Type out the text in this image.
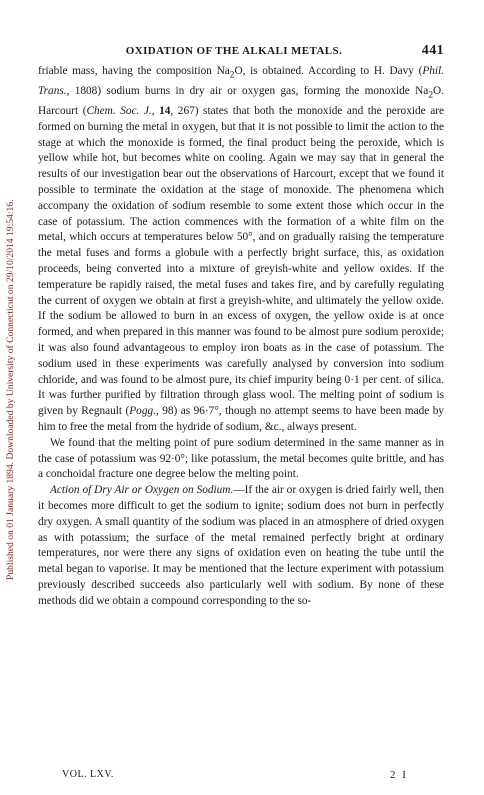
Published on 01 January 1894. Downloaded by University of Connecticut on 29/10/2014 19:54:16.
OXIDATION OF THE ALKALI METALS.	441

friable mass, having the composition $Na_2O$, is obtained. According to H. Davy (Phil. Trans., 1808) sodium burns in dry air or oxygen gas, forming the monoxide $Na_2O$. Harcourt (Chem. Soc. J., 14, 267) states that both the monoxide and the peroxide are formed on burning the metal in oxygen, but that it is not possible to limit the action to the stage at which the monoxide is formed, the final product being the peroxide, which is yellow while hot, but becomes white on cooling. Again we may say that in general the results of our investigation bear out the observations of Harcourt, except that we found it possible to terminate the oxidation at the stage of monoxide. The phenomena which accompany the oxidation of sodium resemble to some extent those which occur in the case of potassium. The action commences with the formation of a white film on the metal, which occurs at temperatures below 50°, and on gradually raising the temperature the metal fuses and forms a globule with a perfectly bright surface, this, as oxidation proceeds, being converted into a mixture of greyish-white and yellow oxides. If the temperature be rapidly raised, the metal fuses and takes fire, and by carefully regulating the current of oxygen we obtain at first a greyish-white, and ultimately the yellow oxide. If the sodium be allowed to burn in an excess of oxygen, the yellow oxide is at once formed, and when prepared in this manner was found to be almost pure sodium peroxide; it was also found advantageous to employ iron boats as in the case of potassium. The sodium used in these experiments was carefully analysed by conversion into sodium chloride, and was found to be almost pure, its chief impurity being 0·1 per cent. of silica. It was further purified by filtration through glass wool. The melting point of sodium is given by Regnault (Pogg., 98) as 96·7°, though no attempt seems to have been made by him to free the metal from the hydride of sodium, &c., always present.

We found that the melting point of pure sodium determined in the same manner as in the case of potassium was 92·0°; like potassium, the metal becomes quite brittle, and has a conchoidal fracture one degree below the melting point.

Action of Dry Air or Oxygen on Sodium.—If the air or oxygen is dried fairly well, then it becomes more difficult to get the sodium to ignite; sodium does not burn in perfectly dry oxygen. A small quantity of the sodium was placed in an atmosphere of dried oxygen as with potassium; the surface of the metal remained perfectly bright at ordinary temperatures, nor were there any signs of oxidation even on heating the tube until the metal began to vaporise. It may be mentioned that the lecture experiment with potassium previously described succeeds also particularly well with sodium. By none of these methods did we obtain a compound corresponding to the so-

VOL. LXV.	2 I
